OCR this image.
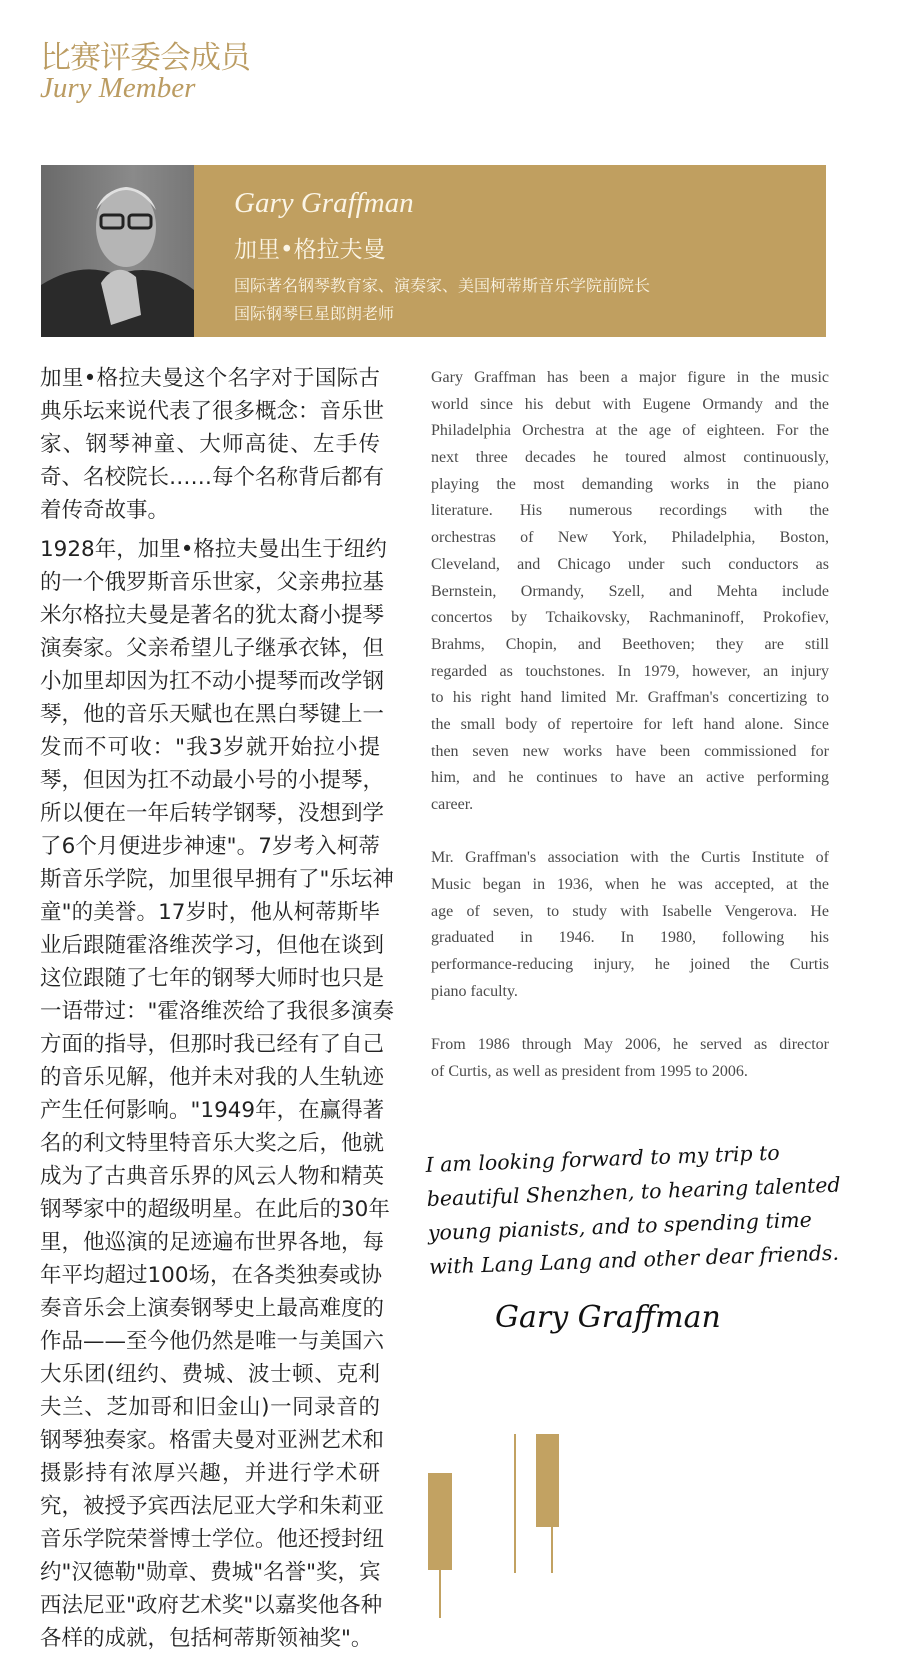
比赛评委会成员
Jury Member
Gary Graffman
加里•格拉夫曼
国际著名钢琴教育家、演奏家、美国柯蒂斯音乐学院前院长
国际钢琴巨星郎朗老师
加里•格拉夫曼这个名字对于国际古
典乐坛来说代表了很多概念：音乐世
家、钢琴神童、大师高徒、左手传
奇、名校院长……每个名称背后都有
着传奇故事。
1928年，加里•格拉夫曼出生于纽约
的一个俄罗斯音乐世家，父亲弗拉基
米尔格拉夫曼是著名的犹太裔小提琴
演奏家。父亲希望儿子继承衣钵，但
小加里却因为扛不动小提琴而改学钢
琴，他的音乐天赋也在黑白琴键上一
发而不可收："我3岁就开始拉小提
琴，但因为扛不动最小号的小提琴，
所以便在一年后转学钢琴，没想到学
了6个月便进步神速"。7岁考入柯蒂
斯音乐学院，加里很早拥有了"乐坛神
童"的美誉。17岁时，他从柯蒂斯毕
业后跟随霍洛维茨学习，但他在谈到
这位跟随了七年的钢琴大师时也只是
一语带过："霍洛维茨给了我很多演奏
方面的指导，但那时我已经有了自己
的音乐见解，他并未对我的人生轨迹
产生任何影响。"1949年，在赢得著
名的利文特里特音乐大奖之后，他就
成为了古典音乐界的风云人物和精英
钢琴家中的超级明星。在此后的30年
里，他巡演的足迹遍布世界各地，每
年平均超过100场，在各类独奏或协
奏音乐会上演奏钢琴史上最高难度的
作品——至今他仍然是唯一与美国六
大乐团(纽约、费城、波士顿、克利
夫兰、芝加哥和旧金山)一同录音的
钢琴独奏家。格雷夫曼对亚洲艺术和
摄影持有浓厚兴趣，并进行学术研
究，被授予宾西法尼亚大学和朱莉亚
音乐学院荣誉博士学位。他还授封纽
约"汉德勒"勋章、费城"名誉"奖，宾
西法尼亚"政府艺术奖"以嘉奖他各种
各样的成就，包括柯蒂斯领袖奖"。
Gary Graffman has been a major figure in the music
world since his debut with Eugene Ormandy and the
Philadelphia Orchestra at the age of eighteen. For the
next three decades he toured almost continuously,
playing the most demanding works in the piano
literature. His numerous recordings with the
orchestras of New York, Philadelphia, Boston,
Cleveland, and Chicago under such conductors as
Bernstein, Ormandy, Szell, and Mehta include
concertos by Tchaikovsky, Rachmaninoff, Prokofiev,
Brahms, Chopin, and Beethoven; they are still
regarded as touchstones. In 1979, however, an injury
to his right hand limited Mr. Graffman's concertizing to
the small body of repertoire for left hand alone. Since
then seven new works have been commissioned for
him, and he continues to have an active performing
career.
Mr. Graffman's association with the Curtis Institute of
Music began in 1936, when he was accepted, at the
age of seven, to study with Isabelle Vengerova. He
graduated in 1946. In 1980, following his
performance-reducing injury, he joined the Curtis
piano faculty.
From 1986 through May 2006, he served as director
of Curtis, as well as president from 1995 to 2006.
I am looking forward to my trip to
beautiful Shenzhen, to hearing talented
young pianists, and to spending time
with Lang Lang and other dear friends.
Gary Graffman
